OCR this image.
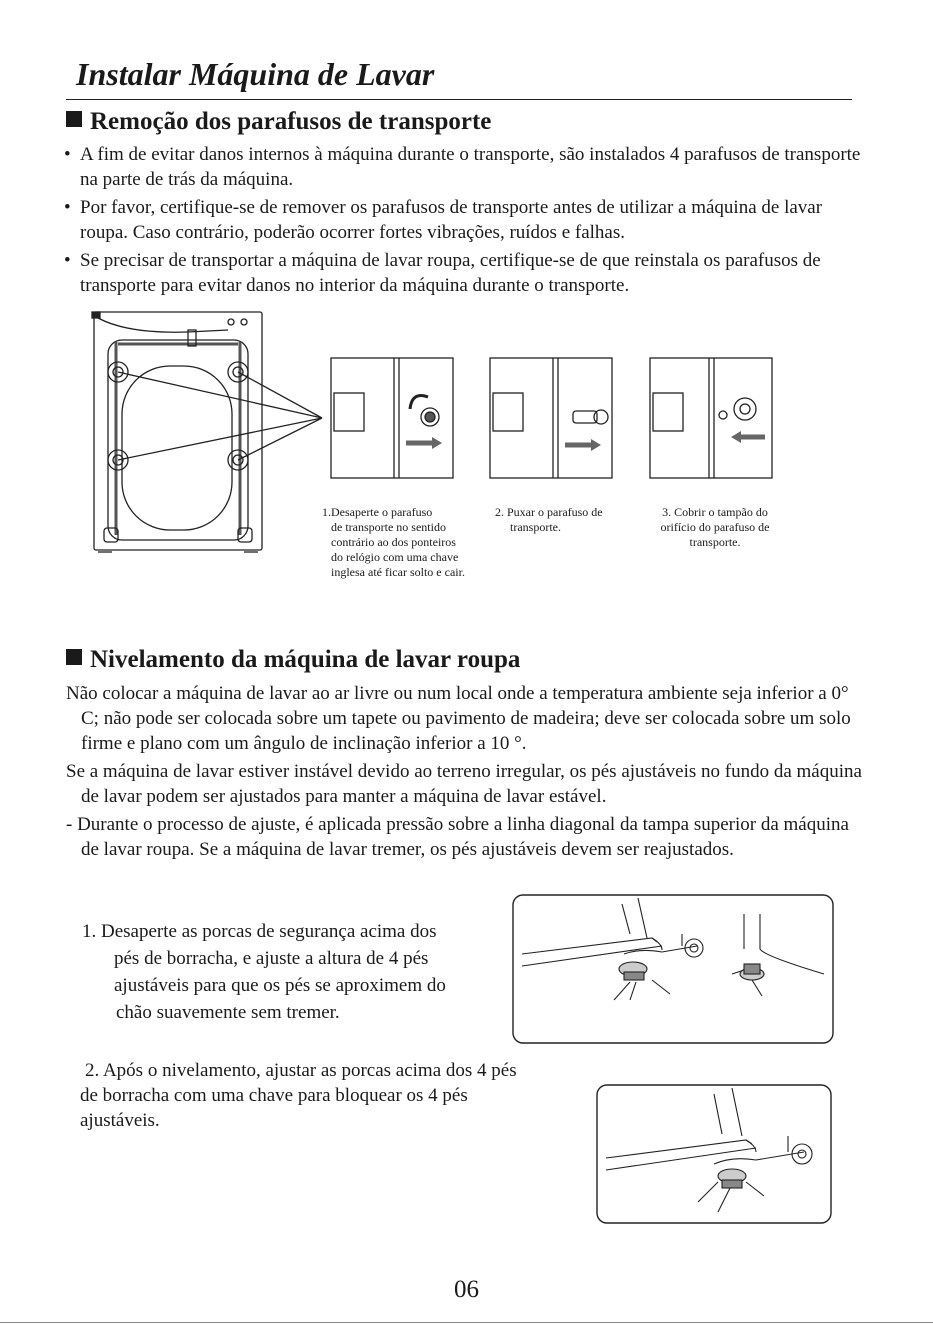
Instalar Máquina de Lavar
Remoção dos parafusos de transporte
• A fim de evitar danos internos à máquina durante o transporte, são instalados 4 parafusos de transporte na parte de trás da máquina.
• Por favor, certifique-se de remover os parafusos de transporte antes de utilizar a máquina de lavar roupa. Caso contrário, poderão ocorrer fortes vibrações, ruídos e falhas.
• Se precisar de transportar a máquina de lavar roupa, certifique-se de que reinstala os parafusos de transporte para evitar danos no interior da máquina durante o transporte.
1.Desaperte o parafuso
de transporte no sentido
contrário ao dos ponteiros
do relógio com uma chave
inglesa até ficar solto e cair.
2. Puxar o parafuso de
transporte.
3. Cobrir o tampão do
orifício do parafuso de
transporte.
Nivelamento da máquina de lavar roupa

Não colocar a máquina de lavar ao ar livre ou num local onde a temperatura ambiente seja inferior a 0° C; não pode ser colocada sobre um tapete ou pavimento de madeira; deve ser colocada sobre um solo firme e plano com um ângulo de inclinação inferior a 10 °.

Se a máquina de lavar estiver instável devido ao terreno irregular, os pés ajustáveis no fundo da máquina de lavar podem ser ajustados para manter a máquina de lavar estável.

- Durante o processo de ajuste, é aplicada pressão sobre a linha diagonal da tampa superior da máquina de lavar roupa. Se a máquina de lavar tremer, os pés ajustáveis devem ser reajustados.

1. Desaperte as porcas de segurança acima dos
pés de borracha, e ajuste a altura de 4 pés
ajustáveis para que os pés se aproximem do
chão suavemente sem tremer.
2. Após o nivelamento, ajustar as porcas acima dos 4 pés
de borracha com uma chave para bloquear os 4 pés
ajustáveis.
06
